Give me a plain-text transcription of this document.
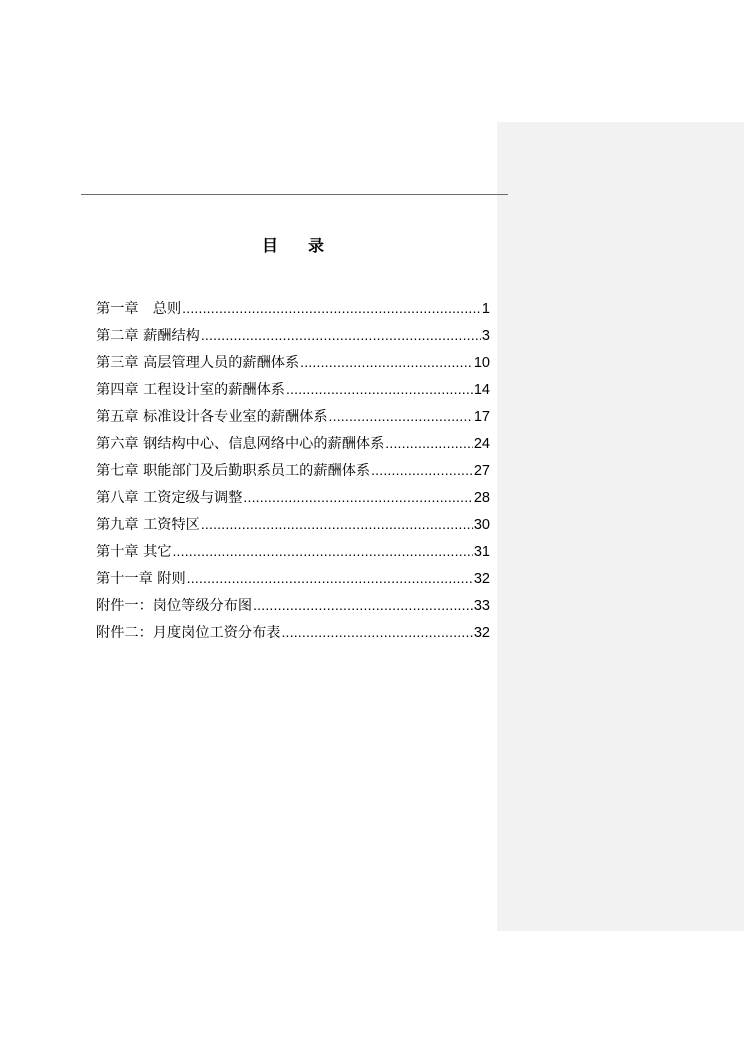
目 录
第一章　总则 .....	1
第二章 薪酬结构 .....	3
第三章 高层管理人员的薪酬体系 .....	10
第四章 工程设计室的薪酬体系 .....	14
第五章 标准设计各专业室的薪酬体系 .....	17
第六章 钢结构中心、信息网络中心的薪酬体系 .....	24
第七章 职能部门及后勤职系员工的薪酬体系 .....	27
第八章 工资定级与调整 .....	28
第九章 工资特区 .....	30
第十章 其它 .....	31
第十一章 附则 .....	32
附件一：岗位等级分布图 .....	33
附件二：月度岗位工资分布表 .....	32
